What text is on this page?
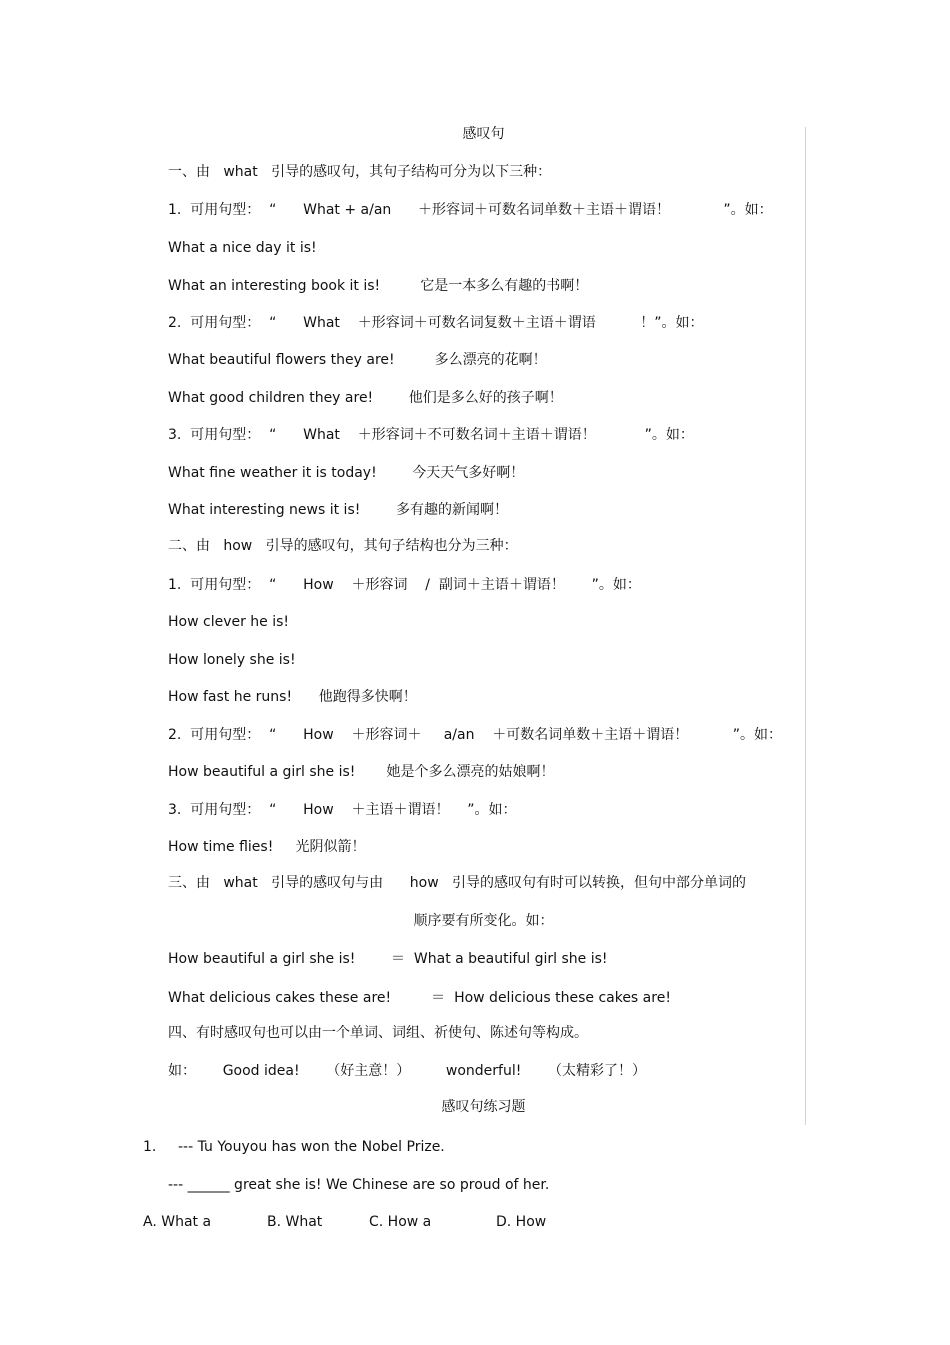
感叹句
一、由   what   引导的感叹句，其句子结构可分为以下三种：
1.  可用句型：  “      What + a/an      ＋形容词＋可数名词单数＋主语＋谓语！            ”。如：
What a nice day it is!
What an interesting book it is!         它是一本多么有趣的书啊！
2.  可用句型：  “      What    ＋形容词＋可数名词复数＋主语＋谓语          ！”。如：
What beautiful flowers they are!         多么漂亮的花啊！
What good children they are!        他们是多么好的孩子啊！
3.  可用句型：  “      What    ＋形容词＋不可数名词＋主语＋谓语！           ”。如：
What fine weather it is today!        今天天气多好啊！
What interesting news it is!        多有趣的新闻啊！
二、由   how   引导的感叹句，其句子结构也分为三种：
1.  可用句型：  “      How    ＋形容词    /  副词＋主语＋谓语！      ”。如：
How clever he is!
How lonely she is!
How fast he runs!      他跑得多快啊！
2.  可用句型：  “      How    ＋形容词＋     a/an    ＋可数名词单数＋主语＋谓语！          ”。如：
How beautiful a girl she is!       她是个多么漂亮的姑娘啊！
3.  可用句型：  “      How    ＋主语＋谓语！    ”。如：
How time flies!     光阴似箭！
三、由   what   引导的感叹句与由      how   引导的感叹句有时可以转换，但句中部分单词的
顺序要有所变化。如：
How beautiful a girl she is!        ＝  What a beautiful girl she is!
What delicious cakes these are!         ＝  How delicious these cakes are!
四、有时感叹句也可以由一个单词、词组、祈使句、陈述句等构成。
如：      Good idea!      （好主意！）        wonderful!      （太精彩了！）
感叹句练习题
1. --- Tu Youyou has won the Nobel Prize.
--- ______ great she is! We Chinese are so proud of her.
A. What a	B. What	C. How a	D. How
